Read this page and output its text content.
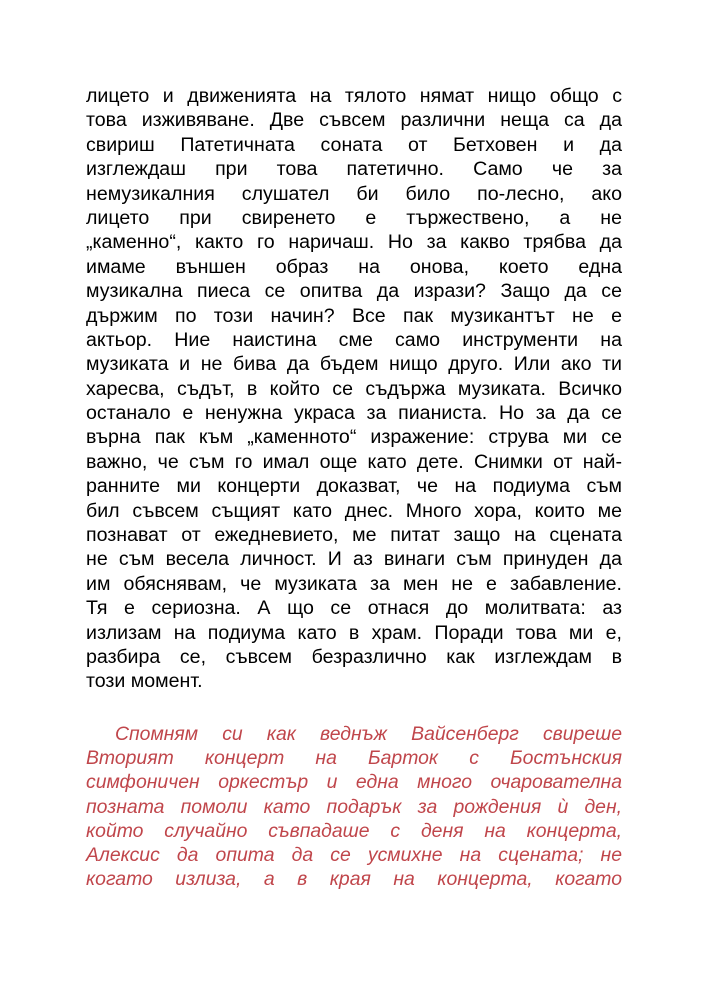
лицето и движенията на тялото нямат нищо общо с
това изживяване. Две съвсем различни неща са да
свириш Патетичната соната от Бетховен и да
изглеждаш при това патетично. Само че за
немузикалния слушател би било по-лесно, ако
лицето при свиренето е тържествено, а не
„каменно“, както го наричаш. Но за какво трябва да
имаме външен образ на онова, което една
музикална пиеса се опитва да изрази? Защо да се
държим по този начин? Все пак музикантът не е
актьор. Ние наистина сме само инструменти на
музиката и не бива да бъдем нищо друго. Или ако ти
харесва, съдът, в който се съдържа музиката. Всичко
останало е ненужна украса за пианиста. Но за да се
върна пак към „каменното“ изражение: струва ми се
важно, че съм го имал още като дете. Снимки от най-
ранните ми концерти доказват, че на подиума съм
бил съвсем същият като днес. Много хора, които ме
познават от ежедневието, ме питат защо на сцената
не съм весела личност. И аз винаги съм принуден да
им обяснявам, че музиката за мен не е забавление.
Тя е сериозна. А що се отнася до молитвата: аз
излизам на подиума като в храм. Поради това ми е,
разбира се, съвсем безразлично как изглеждам в
този момент.
Спомням си как веднъж Вайсенберг свиреше
Вторият концерт на Барток с Бостънския
симфоничен оркестър и една много очарователна
позната помоли като подарък за рождения ѝ ден,
който случайно съвпадаше с деня на концерта,
Алексис да опита да се усмихне на сцената; не
когато излиза, а в края на концерта, когато
